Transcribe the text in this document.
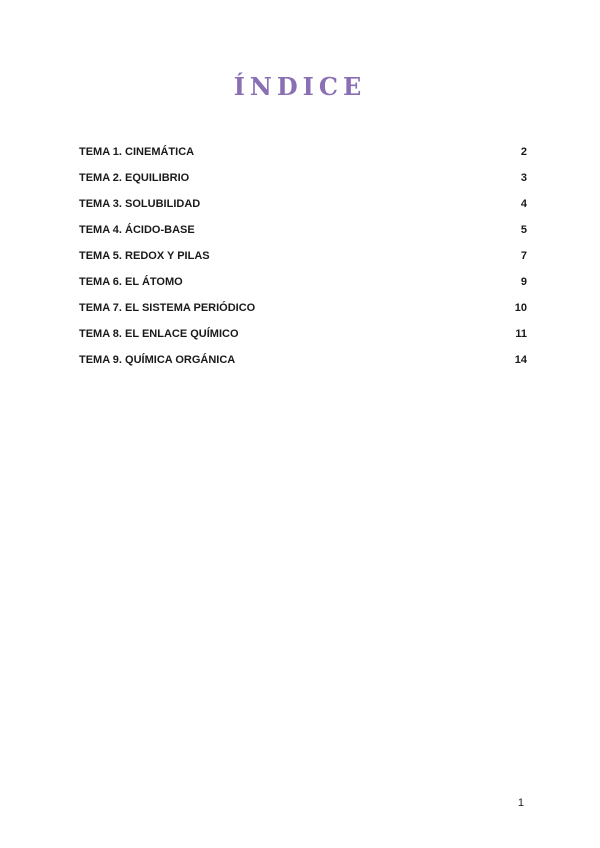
ÍNDICE
TEMA 1. CINEMÁTICA	2
TEMA 2. EQUILIBRIO	3
TEMA 3. SOLUBILIDAD	4
TEMA 4. ÁCIDO-BASE	5
TEMA 5. REDOX Y PILAS	7
TEMA 6. EL ÁTOMO	9
TEMA 7. EL SISTEMA PERIÓDICO	10
TEMA 8. EL ENLACE QUÍMICO	11
TEMA 9. QUÍMICA ORGÁNICA	14
1
